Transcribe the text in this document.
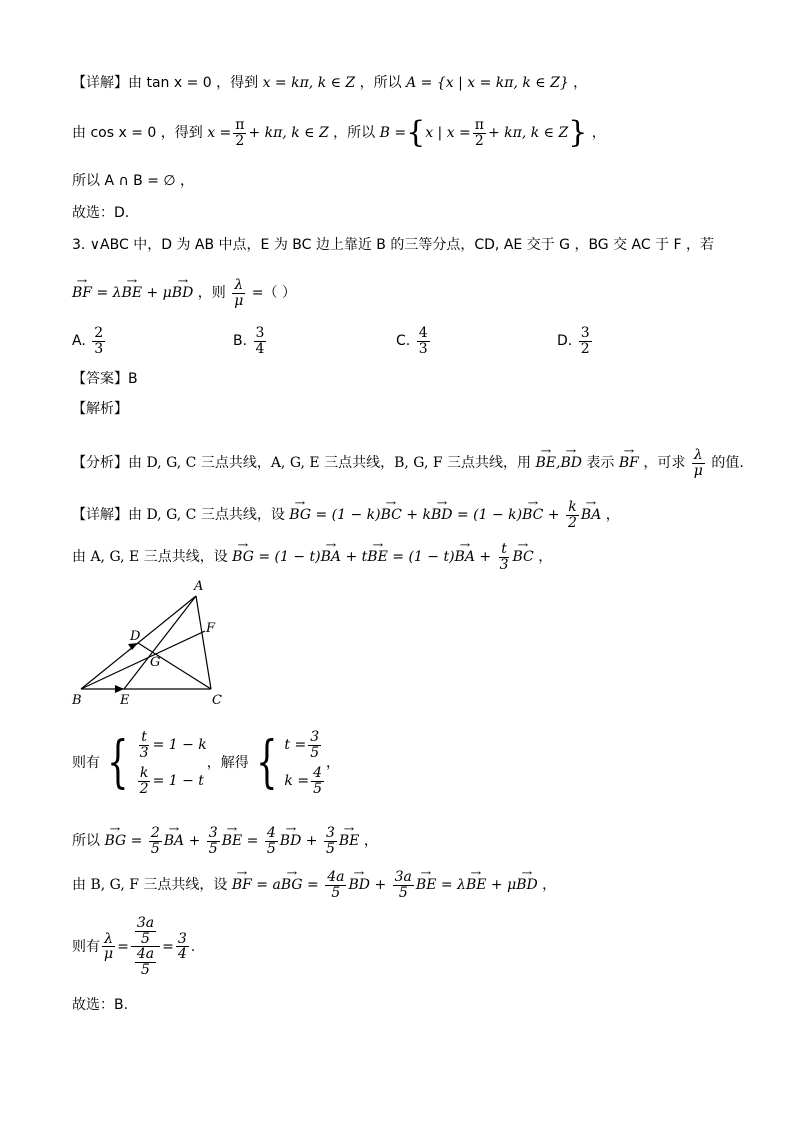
【详解】由 tan x = 0 ，得到 x = kπ, k ∈ Z ，所以 A = {x | x = kπ, k ∈ Z} ，
由 cos x = 0 ，得到 $x = \frac{\pi}{2} + k\pi$, k ∈ Z ，所以 B ={x | $x = \frac{\pi}{2} + k\pi$, k ∈ Z} ，
所以 A ∩ B = ∅ ，
故选：D.
3. ∨ABC 中，D 为 AB 中点，E 为 BC 边上靠近 B 的三等分点，CD, AE 交于 G ，BG 交 AC 于 F ，若
→ BF = λ→ BE + μ→ BD ，则 $\frac{\lambda}{\mu}$ =（ ）
A. $\frac{2}{3}$	B. $\frac{3}{4}$	C. $\frac{4}{3}$	D. $\frac{3}{2}$
【答案】B
【解析】
【分析】由 D, G, C 三点共线，A, G, E 三点共线，B, G, F 三点共线，用 → BE,→ BD 表示 → BF ，可求 $\frac{\lambda}{\mu}$ 的值.
【详解】由 D, G, C 三点共线，设 → BG = (1 − k)→ BC + k→ BD = (1 − k)→ BC + $\frac{k}{2}$ → BA ，
由 A, G, E 三点共线，设 → BG = (1 − t)→ BA + t→ BE = (1 − t)→ BA + $\frac{t}{3}$ → BC ，
A
B	C
D
E
F
G
则有 { $\frac{t}{3} = 1 - k$
$\frac{k}{2} = 1 - t$
，解得 { $t = \frac{3}{5}$
$k = \frac{4}{5}$
，
所以 → BG = $\frac{2}{5}$ → BA + $\frac{3}{5}$ → BE = $\frac{4}{5}$ → BD + $\frac{3}{5}$ → BE ，
由 B, G, F 三点共线，设 → BF = a→ BG = $\frac{4a}{5}$ → BD + $\frac{3a}{5}$ → BE = λ→ BE + μ→ BD ，
则有 $\frac{\lambda}{\mu} = \frac{\frac{3a}{5}}{\frac{4a}{5}} = \frac{3}{4}$ .
故选：B.
